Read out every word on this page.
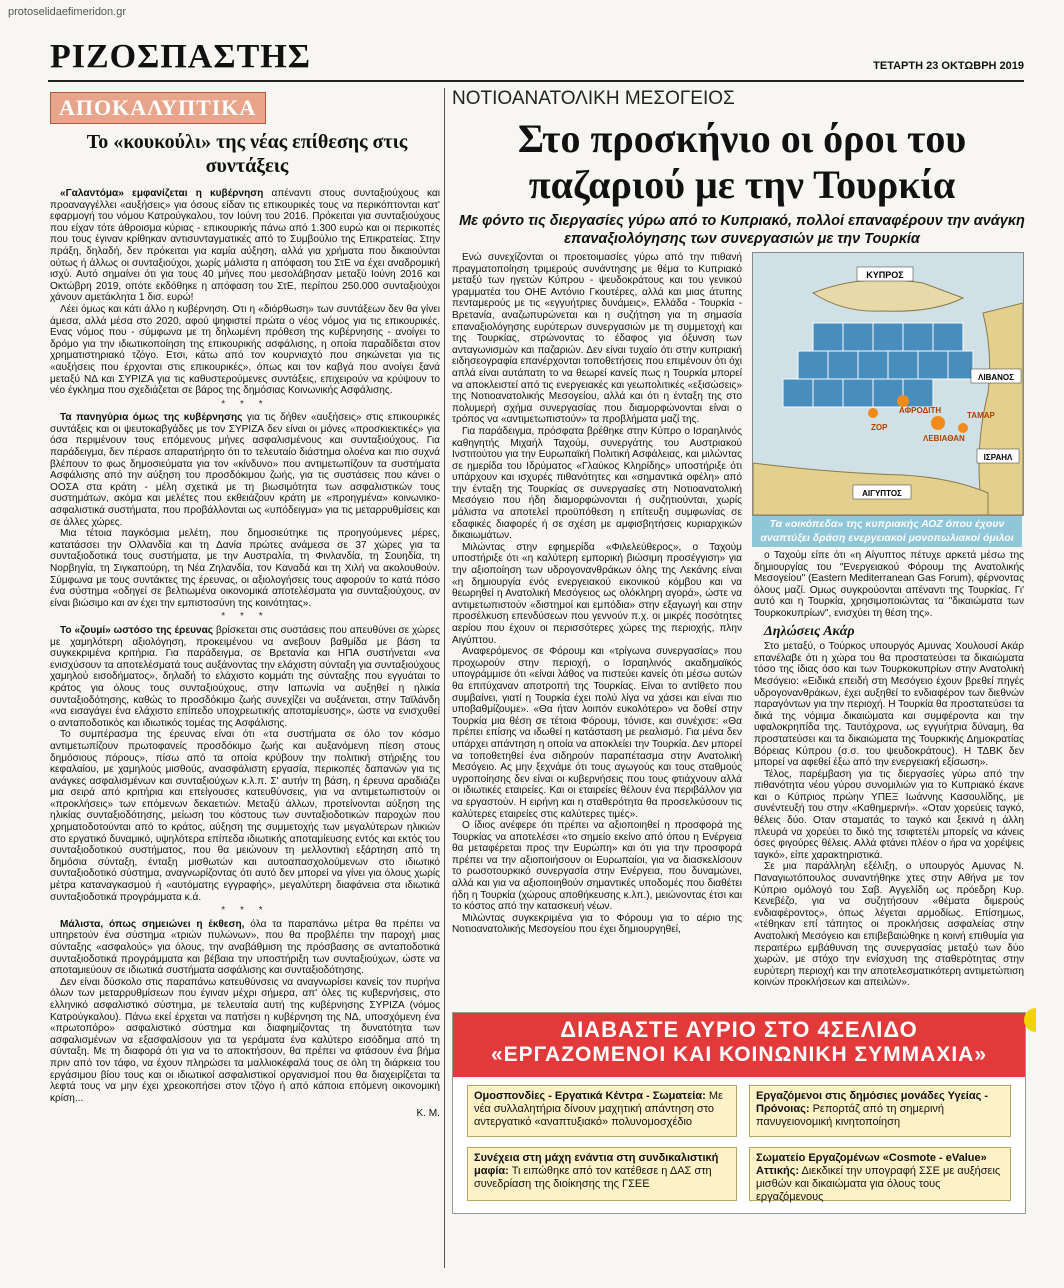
protoselidaefimeridon.gr
ΡΙΖΟΣΠΑΣΤΗΣ	ΤΕΤΑΡΤΗ 23 ΟΚΤΩΒΡΗ 2019
ΑΠΟΚΑΛΥΠΤΙΚΑ
Το «κουκούλι» της νέας επίθεσης στις συντάξεις

«Γαλαντόμα» εμφανίζεται η κυβέρνηση απέναντι στους συνταξιούχους και προαναγγέλλει «αυξήσεις» για όσους είδαν τις επικουρικές τους να περικόπτονται κατ' εφαρμογή του νόμου Κατρούγκαλου, τον Ιούνη του 2016. Πρόκειται για συνταξιούχους που είχαν τότε άθροισμα κύριας - επικουρικής πάνω από 1.300 ευρώ και οι περικοπές που τους έγιναν κρίθηκαν αντισυνταγματικές από το Συμβούλιο της Επικρατείας. Στην πράξη, δηλαδή, δεν πρόκειται για καμία αύξηση, αλλά για χρήματα που δικαιούνται ούτως ή άλλως οι συνταξιούχοι, χωρίς μάλιστα η απόφαση του ΣτΕ να έχει αναδρομική ισχύ. Αυτό σημαίνει ότι για τους 40 μήνες που μεσολάβησαν μεταξύ Ιούνη 2016 και Οκτώβρη 2019, οπότε εκδόθηκε η απόφαση του ΣτΕ, περίπου 250.000 συνταξιούχοι χάνουν αμετάκλητα 1 δισ. ευρώ!

Λέει όμως και κάτι άλλο η κυβέρνηση. Οτι η «διόρθωση» των συντάξεων δεν θα γίνει άμεσα, αλλά μέσα στο 2020, αφού ψηφιστεί πρώτα ο νέος νόμος για τις επικουρικές. Ενας νόμος που - σύμφωνα με τη δηλωμένη πρόθεση της κυβέρνησης - ανοίγει το δρόμο για την ιδιωτικοποίηση της επικουρικής ασφάλισης, η οποία παραδίδεται στον χρηματιστηριακό τζόγο. Ετσι, κάτω από τον κουρνιαχτό που σηκώνεται για τις «αυξήσεις που έρχονται στις επικουρικές», όπως και τον καβγά που ανοίγει ξανά μεταξύ ΝΔ και ΣΥΡΙΖΑ για τις καθυστερούμενες συντάξεις, επιχειρούν να κρύψουν το νέο έγκλημα που σχεδιάζεται σε βάρος της δημόσιας Κοινωνικής Ασφάλισης.

* * *

Τα πανηγύρια όμως της κυβέρνησης για τις δήθεν «αυξήσεις» στις επικουρικές συντάξεις και οι ψευτοκαβγάδες με τον ΣΥΡΙΖΑ δεν είναι οι μόνες «προσκιεκτικές» για όσα περιμένουν τους επόμενους μήνες ασφαλισμένους και συνταξιούχους. Για παράδειγμα, δεν πέρασε απαρατήρητο ότι το τελευταίο διάστημα ολοένα και πιο συχνά βλέπουν το φως δημοσιεύματα για τον «κίνδυνο» που αντιμετωπίζουν τα συστήματα Ασφάλισης από την αύξηση του προσδόκιμου ζωής, για τις συστάσεις που κάνει ο ΟΟΣΑ στα κράτη - μέλη σχετικά με τη βιωσιμότητα των ασφαλιστικών τους συστημάτων, ακόμα και μελέτες που εκθειάζουν κράτη με «προηγμένα» κοινωνικο-ασφαλιστικά συστήματα, που προβάλλονται ως «υπόδειγμα» για τις μεταρρυθμίσεις και σε άλλες χώρες.

Μια τέτοια παγκόσμια μελέτη, που δημοσιεύτηκε τις προηγούμενες μέρες, κατατάσσει την Ολλανδία και τη Δανία πρώτες ανάμεσα σε 37 χώρες για τα συνταξιοδοτικά τους συστήματα, με την Αυστραλία, τη Φινλανδία, τη Σουηδία, τη Νορβηγία, τη Σιγκαπούρη, τη Νέα Ζηλανδία, τον Καναδά και τη Χιλή να ακολουθούν. Σύμφωνα με τους συντάκτες της έρευνας, οι αξιολογήσεις τους αφορούν το κατά πόσο ένα σύστημα «οδηγεί σε βελτιωμένα οικονομικά αποτελέσματα για συνταξιούχους, αν είναι βιώσιμο και αν έχει την εμπιστοσύνη της κοινότητας».

* * *

Το «ζουμί» ωστόσο της έρευνας βρίσκεται στις συστάσεις που απευθύνει σε χώρες με χαμηλότερη αξιολόγηση, προκειμένου να ανεβουν βαθμίδα με βάση τα συγκεκριμένα κριτήρια. Για παράδειγμα, σε Βρετανία και ΗΠΑ συστήνεται «να ενισχύσουν τα αποτελέσματά τους αυξάνοντας την ελάχιστη σύνταξη για συνταξιούχους χαμηλού εισοδήματος», δηλαδή το ελάχιστο κομμάτι της σύνταξης που εγγυάται το κράτος για όλους τους συνταξιούχους, στην Ιαπωνία να αυξηθεί η ηλικία συνταξιοδότησης, καθώς το προσδόκιμο ζωής συνεχίζει να αυξάνεται, στην Ταϊλάνδη «να εισαγάγει ένα ελάχιστο επίπεδο υποχρεωτικής αποταμίευσης», ώστε να ενισχυθεί ο ανταποδοτικός και ιδιωτικός τομέας της Ασφάλισης.

Το συμπέρασμα της έρευνας είναι ότι «τα συστήματα σε όλο τον κόσμο αντιμετωπίζουν πρωτοφανείς προσδόκιμο ζωής και αυξανόμενη πίεση στους δημόσιους πόρους», πίσω από τα οποία κρύβουν την πολιτική στήριξης του κεφαλαίου, με χαμηλούς μισθούς, ανασφάλιστη εργασία, περικοπές δαπανών για τις ανάγκες ασφαλισμένων και συνταξιούχων κ.λ.π. Σ' αυτήν τη βάση, η έρευνα αραδιάζει μια σειρά από κριτήρια και επείγουσες κατευθύνσεις, για να αντιμετωπιστούν οι «προκλήσεις» των επόμενων δεκαετιών. Μεταξύ άλλων, προτείνονται αύξηση της ηλικίας συνταξιοδότησης, μείωση του κόστους των συνταξιοδοτικών παροχών που χρηματοδοτούνται από το κράτος, αύξηση της συμμετοχής των μεγαλύτερων ηλικιών στο εργατικό δυναμικό, υψηλότερα επίπεδα ιδιωτικής αποταμίευσης εντός και εκτός του συνταξιοδοτικού συστήματος, που θα μειώνουν τη μελλοντική εξάρτηση από τη δημόσια σύνταξη, ένταξη μισθωτών και αυτοαπασχολούμενων στο ιδιωτικό συνταξιοδοτικό σύστημα, αναγνωρίζοντας ότι αυτό δεν μπορεί να γίνει για όλους χωρίς μέτρα καταναγκασμού ή «αυτόματης εγγραφής», μεγαλύτερη διαφάνεια στα ιδιωτικά συνταξιοδοτικά προγράμματα κ.ά.

* * *

Μάλιστα, όπως σημειώνει η έκθεση, όλα τα παραπάνω μέτρα θα πρέπει να υπηρετούν ένα σύστημα «τριών πυλώνων», που θα προβλέπει την παροχή μιας σύνταξης «ασφαλούς» για όλους, την αναβάθμιση της πρόσβασης σε ανταποδοτικά συνταξιοδοτικά προγράμματα και βέβαια την υποστήριξη των συνταξιούχων, ώστε να αποταμιεύουν σε ιδιωτικά συστήματα ασφάλισης και συνταξιοδότησης.

Δεν είναι δύσκολο στις παραπάνω κατευθύνσεις να αναγνωρίσει κανείς τον πυρήνα όλων των μεταρρυθμίσεων που έγιναν μέχρι σήμερα, απ' όλες τις κυβερνήσεις, στο ελληνικό ασφαλιστικό σύστημα, με τελευταία αυτή της κυβέρνησης ΣΥΡΙΖΑ (νόμος Κατρούγκαλου). Πάνω εκεί έρχεται να πατήσει η κυβέρνηση της ΝΔ, υποσχόμενη ένα «πρωτοπόρο» ασφαλιστικό σύστημα και διαφημίζοντας τη δυνατότητα των ασφαλισμένων να εξασφαλίσουν για τα γεράματα ένα καλύτερο εισόδημα από τη σύνταξη. Με τη διαφορά ότι για να το αποκτήσουν, θα πρέπει να φτάσουν ένα βήμα πριν από τον τάφο, να έχουν πληρώσει τα μαλλιοκέφαλά τους σε όλη τη διάρκεια του εργάσιμου βίου τους και οι ιδιωτικοί ασφαλιστικοί οργανισμοί που θα διαχειρίζεται τα λεφτά τους να μην έχει χρεοκοπήσει στον τζόγο ή από κάποια επόμενη οικονομική κρίση...

Κ. Μ.
ΝΟΤΙΟΑΝΑΤΟΛΙΚΗ ΜΕΣΟΓΕΙΟΣ
Στο προσκήνιο οι όροι του παζαριού με την Τουρκία
Με φόντο τις διεργασίες γύρω από το Κυπριακό, πολλοί επαναφέρουν την ανάγκη επαναξιολόγησης των συνεργασιών με την Τουρκία

Ενώ συνεχίζονται οι προετοιμασίες γύρω από την πιθανή πραγματοποίηση τριμερούς συνάντησης με θέμα το Κυπριακό μεταξύ των ηγετών Κύπρου - ψευδοκράτους και του γενικού γραμματέα του ΟΗΕ Αντόνιο Γκουτέρες, αλλά και μιας άτυπης πενταμερούς με τις «εγγυήτριες δυνάμεις», Ελλάδα - Τουρκία - Βρετανία, αναζωπυρώνεται και η συζήτηση για τη σημασία επαναξιολόγησης ευρύτερων συνεργασιών με τη συμμετοχή και της Τουρκίας, στρώνοντας το έδαφος για όξυνση των ανταγωνισμών και παζαριών. Δεν είναι τυχαίο ότι στην κυπριακή ειδησεογραφία επανέρχονται τοποθετήσεις που επιμένουν ότι όχι απλά είναι αυτάπατη το να θεωρεί κανείς πως η Τουρκία μπορεί να αποκλειστεί από τις ενεργειακές και γεωπολιτικές «εξισώσεις» της Νοτιοανατολικής Μεσογείου, αλλά και ότι η ένταξη της στο πολυμερή σχήμα συνεργασίας που διαμορφώνονται είναι ο τρόπος να «αντιμετωπιστούν» τα προβλήματα μαζί της.

Για παράδειγμα, πρόσφατα βρέθηκε στην Κύπρο ο Ισραηλινός καθηγητής Μιχαήλ Ταχούμ, συνεργάτης του Αυστριακού Ινστιτούτου για την Ευρωπαϊκή Πολιτική Ασφάλειας, και μιλώντας σε ημερίδα του Ιδρύματος «Γλαύκος Κληρίδης» υποστήριξε ότι υπάρχουν και ισχυρές πιθανότητες και «σημαντικά οφέλη» από την ένταξη της Τουρκίας σε συνεργασίες στη Νοτιοανατολική Μεσόγειο που ήδη διαμορφώνονται ή συζητιούνται, χωρίς μάλιστα να αποτελεί προϋπόθεση η επίτευξη συμφωνίας σε εδαφικές διαφορές ή σε σχέση με αμφισβητήσεις κυριαρχικών δικαιωμάτων.

Μιλώντας στην εφημερίδα «Φιλελεύθερος», ο Ταχούμ υποστήριξε ότι «η καλύτερη εμπορική βιώσιμη προσέγγιση» για την αξιοποίηση των υδρογονανθράκων όλης της Λεκάνης είναι «η δημιουργία ενός ενεργειακού εικονικού κόμβου και να θεωρηθεί η Ανατολική Μεσόγειος ως ολόκληρη αγορά», ώστε να αντιμετωπιστούν «διστημοί και εμπόδια» στην εξαγωγή και στην προσέλκυση επενδύσεων που γεννούν π.χ. οι μικρές ποσότητες αερίου που έχουν οι περισσότερες χώρες της περιοχής, πλην Αιγύπτου.

Αναφερόμενος σε Φόρουμ και «τρίγωνα συνεργασίας» που προχωρούν στην περιοχή, ο Ισραηλινός ακαδημαϊκός υπογράμμισε ότι «είναι λάθος να πιστεύει κανείς ότι μέσω αυτών θα επιτύχαναν αποτροπή της Τουρκίας. Είναι το αντίθετο που συμβαίνει, γιατί η Τουρκία έχει πολύ λίγα να χάσει και είναι πιο υποβαθμίζουμε». «Θα ήταν λοιπόν ευκολότερο» να δοθεί στην Τουρκία μια θέση σε τέτοια Φόρουμ, τόνισε, και συνέχισε: «Θα πρέπει επίσης να ιδωθεί η κατάσταση με ρεαλισμό. Για μένα δεν υπάρχει απάντηση η οποία να αποκλείει την Τουρκία. Δεν μπορεί να τοποθετηθεί ένα σιδηρούν παραπέτασμα στην Ανατολική Μεσόγειο. Ας μην ξεχνάμε ότι τους αγωγούς και τους σταθμούς υγροποίησης δεν είναι οι κυβερνήσεις που τους φτιάχνουν αλλά οι ιδιωτικές εταιρείες. Και οι εταιρείες θέλουν ένα περιβάλλον για να εργαστούν. Η ειρήνη και η σταθερότητα θα προσελκύσουν τις καλύτερες εταιρείες στις καλύτερες τιμές».

Ο ίδιος ανέφερε ότι πρέπει να αξιοποιηθεί η προσφορά της Τουρκίας να αποτελέσει «το σημείο εκείνο από όπου η Ενέργεια θα μεταφέρεται προς την Ευρώπη» και ότι για την προσφορά πρέπει να την αξιοποιήσουν οι Ευρωπαίοι, για να διασκελίσουν το ρωσοτουρκικό συνεργασία στην Ενέργεια, που δυναμώνει, αλλά και για να αξιοποιηθούν σημαντικές υποδομές που διαθέτει ήδη η Τουρκία (χώρους αποθήκευσης κ.λπ.), μειώνοντας έτσι και το κόστος από την κατασκευή νέων.

Μιλώντας συγκεκριμένα για το Φόρουμ για το αέριο της Νοτιοανατολικής Μεσογείου που έχει δημιουργηθεί,

ΚΥΠΡΟΣ
ΛΙΒΑΝΟΣ
ΖΟΡ
ΑΦΡΟΔΙΤΗ
ΛΕΒΙΑΘΑΝ
ΤΑΜΑΡ
ΙΣΡΑΗΛ
ΑΙΓΥΠΤΟΣ
Τα «οικόπεδα» της κυπριακής ΑΟΖ όπου έχουν αναπτύξει δράση ενεργειακοί μονοπωλιακοί όμιλοι

ο Ταχούμ είπε ότι «η Αίγυπτος πέτυχε αρκετά μέσω της δημιουργίας του "Ενεργειακού Φόρουμ της Ανατολικής Μεσογείου" (Eastern Mediterranean Gas Forum), φέρνοντας όλους μαζί. Ομως συγκρούονται απέναντι της Τουρκίας. Γι' αυτό και η Τουρκία, χρησιμοποιώντας τα "δικαιώματα των Τουρκοκυπρίων", ενισχύει τη θέση της».

Δηλώσεις Ακάρ

Στο μεταξύ, ο Τούρκος υπουργός Αμυνας Χουλουσί Ακάρ επανέλαβε ότι η χώρα του θα προστατεύσει τα δικαιώματα τόσο της ίδιας όσο και των Τουρκοκυπρίων στην Ανατολική Μεσόγειο: «Ειδικά επειδή στη Μεσόγειο έχουν βρεθεί πηγές υδρογονανθράκων, έχει αυξηθεί το ενδιαφέρον των διεθνών παραγόντων για την περιοχή. Η Τουρκία θα προστατεύσει τα δικά της νόμιμα δικαιώματα και συμφέροντα και την υφαλοκρηπίδα της. Ταυτόχρονα, ως εγγυήτρια δύναμη, θα προστατεύσει και τα δικαιώματα της Τουρκικής Δημοκρατίας Βόρειας Κύπρου (σ.σ. του ψευδοκράτους). Η ΤΔΒΚ δεν μπορεί να αφεθεί έξω από την ενεργειακή εξίσωση».

Τέλος, παρέμβαση για τις διεργασίες γύρω από την πιθανότητα νέου γύρου συνομιλιών για το Κυπριακό έκανε και ο Κύπριος πρώην ΥΠΕΞ Ιωάννης Κασουλίδης, με συνέντευξή του στην «Καθημερινή». «Οταν χορεύεις ταγκό, θέλεις δύο. Οταν σταματάς το ταγκό και ξεκινά η άλλη πλευρά να χορεύει το δικό της τσιφτετέλι μπορείς να κάνεις όσες φιγούρες θέλεις. Αλλά φτάνει πλέον ο ήρα να χορέψεις ταγκό», είπε χαρακτηριστικά.

Σε μια παράλληλη εξέλιξη, ο υπουργός Αμυνας Ν. Παναγιωτόπουλος συναντήθηκε χτες στην Αθήνα με τον Κύπριο ομόλογό του Σαβ. Αγγελίδη ως πρόεδρη Κυρ. Κενεβέζο, για να συζητήσουν «θέματα διμερούς ενδιαφέροντος», όπως λέγεται αρμοδίως. Επίσημως, «τέθηκαν επί τάπητος οι προκλήσεις ασφαλείας στην Ανατολική Μεσόγειο και επιβεβαιώθηκε η κοινή επιθυμία για περαιτέρω εμβάθυνση της συνεργασίας μεταξύ των δύο χωρών, με στόχο την ενίσχυση της σταθερότητας στην ευρύτερη περιοχή και την αποτελεσματικότερη αντιμετώπιση κοινών προκλήσεων και απειλών».

ΔΙΑΒΑΣΤΕ ΑΥΡΙΟ ΣΤΟ 4ΣΕΛΙΔΟ
«ΕΡΓΑΖΟΜΕΝΟΙ ΚΑΙ ΚΟΙΝΩΝΙΚΗ ΣΥΜΜΑΧΙΑ»
Ομοσπονδίες - Εργατικά Κέντρα - Σωματεία: Με νέα συλλαλητήρια δίνουν μαχητική απάντηση στο αντεργατικό «αναπτυξιακό» πολυνομοσχέδιο
Εργαζόμενοι στις δημόσιες μονάδες Υγείας - Πρόνοιας: Ρεπορτάζ από τη σημερινή πανυγειονομική κινητοποίηση
Συνέχεια στη μάχη ενάντια στη συνδικαλιστική μαφία: Τι ειπώθηκε από τον κατέθεσε η ΔΑΣ στη συνεδρίαση της διοίκησης της ΓΣΕΕ
Σωματείο Εργαζομένων «Cosmote - eValue» Αττικής: Διεκδικεί την υπογραφή ΣΣΕ με αυξήσεις μισθών και δικαιώματα για όλους τους εργαζόμενους
